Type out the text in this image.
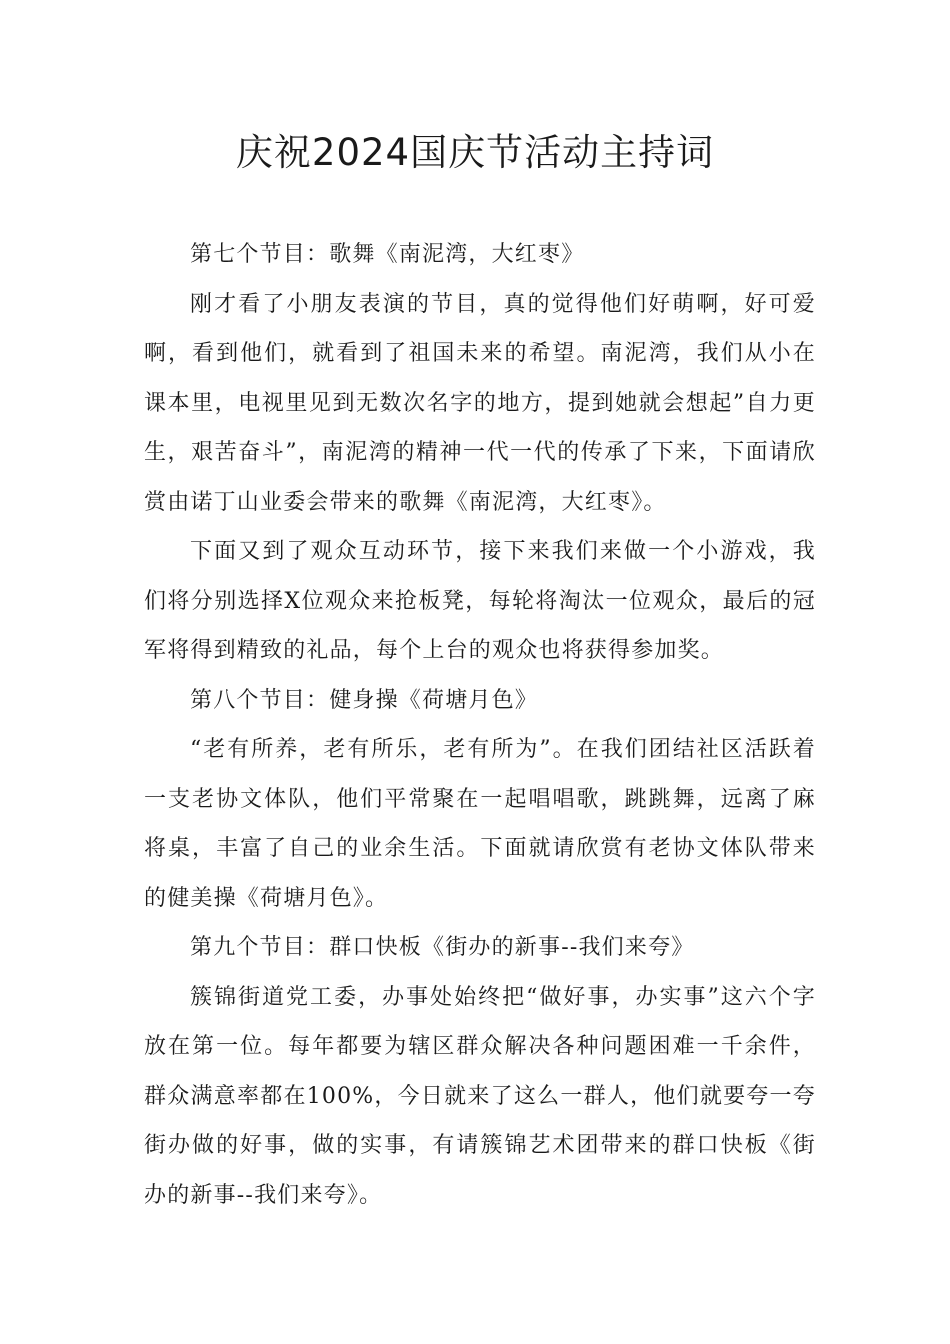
庆祝2024国庆节活动主持词

第七个节目：歌舞《南泥湾，大红枣》

刚才看了小朋友表演的节目，真的觉得他们好萌啊，好可爱啊，看到他们，就看到了祖国未来的希望。南泥湾，我们从小在课本里，电视里见到无数次名字的地方，提到她就会想起”自力更生，艰苦奋斗”，南泥湾的精神一代一代的传承了下来，下面请欣赏由诺丁山业委会带来的歌舞《南泥湾，大红枣》。

下面又到了观众互动环节，接下来我们来做一个小游戏，我们将分别选择X位观众来抢板凳，每轮将淘汰一位观众，最后的冠军将得到精致的礼品，每个上台的观众也将获得参加奖。

第八个节目：健身操《荷塘月色》

“老有所养，老有所乐，老有所为”。在我们团结社区活跃着一支老协文体队，他们平常聚在一起唱唱歌，跳跳舞，远离了麻将桌，丰富了自己的业余生活。下面就请欣赏有老协文体队带来的健美操《荷塘月色》。

第九个节目：群口快板《街办的新事--我们来夸》

簇锦街道党工委，办事处始终把“做好事，办实事”这六个字放在第一位。每年都要为辖区群众解决各种问题困难一千余件，群众满意率都在100%，今日就来了这么一群人，他们就要夸一夸街办做的好事，做的实事，有请簇锦艺术团带来的群口快板《街办的新事--我们来夸》。
